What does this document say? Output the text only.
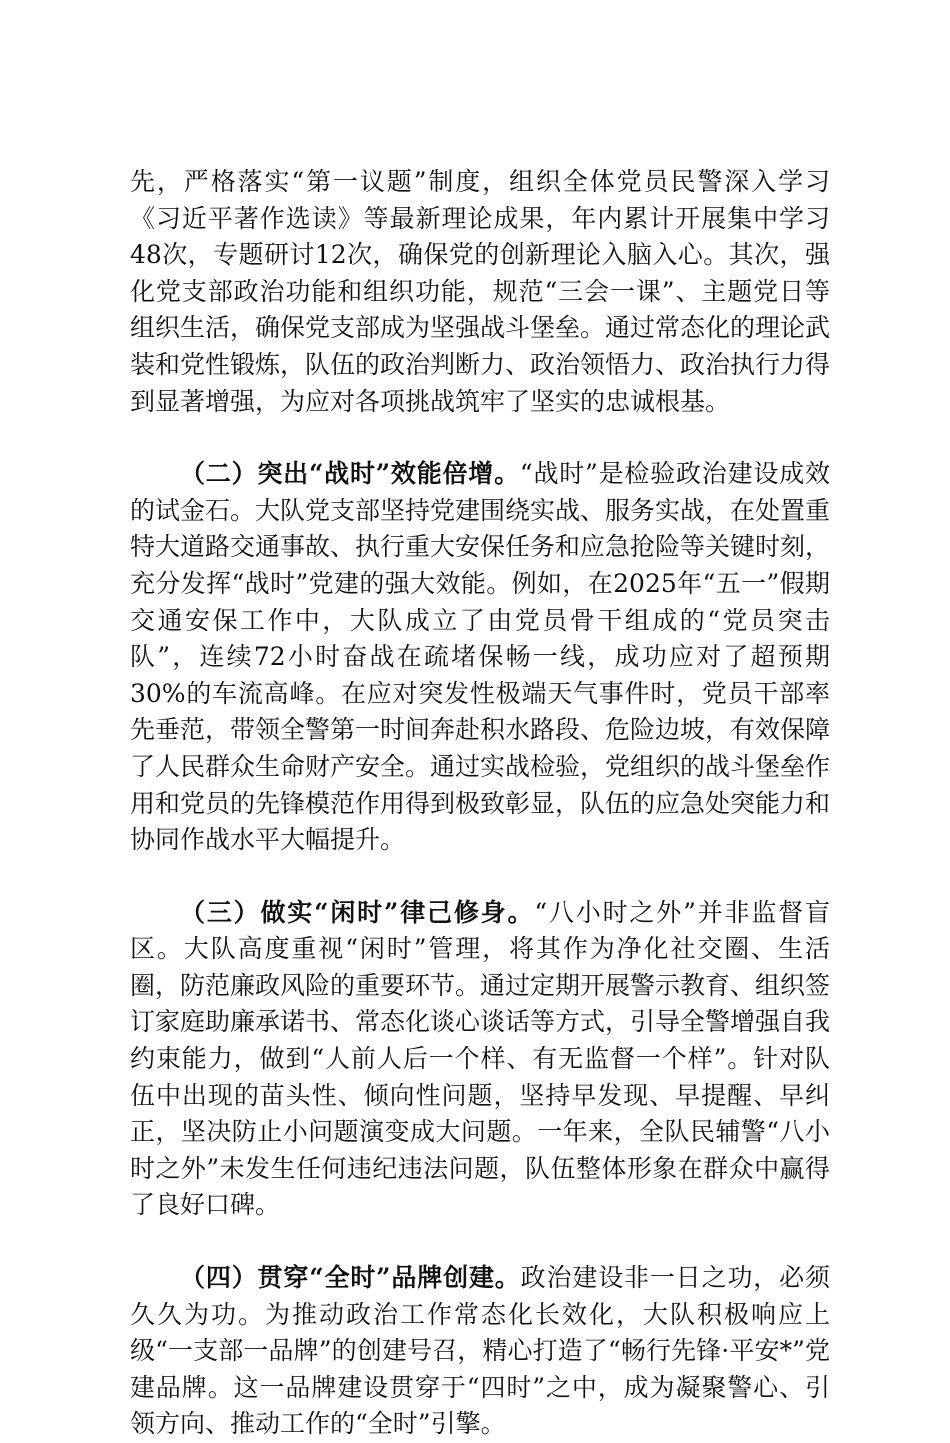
先，严格落实“第一议题”制度，组织全体党员民警深入学习《习近平著作选读》等最新理论成果，年内累计开展集中学习48次，专题研讨12次，确保党的创新理论入脑入心。其次，强化党支部政治功能和组织功能，规范“三会一课”、主题党日等组织生活，确保党支部成为坚强战斗堡垒。通过常态化的理论武装和党性锻炼，队伍的政治判断力、政治领悟力、政治执行力得到显著增强，为应对各项挑战筑牢了坚实的忠诚根基。

（二）突出“战时”效能倍增。“战时”是检验政治建设成效的试金石。大队党支部坚持党建围绕实战、服务实战，在处置重特大道路交通事故、执行重大安保任务和应急抢险等关键时刻，充分发挥“战时”党建的强大效能。例如，在2025年“五一”假期交通安保工作中，大队成立了由党员骨干组成的“党员突击队”，连续72小时奋战在疏堵保畅一线，成功应对了超预期30%的车流高峰。在应对突发性极端天气事件时，党员干部率先垂范，带领全警第一时间奔赴积水路段、危险边坡，有效保障了人民群众生命财产安全。通过实战检验，党组织的战斗堡垒作用和党员的先锋模范作用得到极致彰显，队伍的应急处突能力和协同作战水平大幅提升。

（三）做实“闲时”律己修身。“八小时之外”并非监督盲区。大队高度重视“闲时”管理，将其作为净化社交圈、生活圈，防范廉政风险的重要环节。通过定期开展警示教育、组织签订家庭助廉承诺书、常态化谈心谈话等方式，引导全警增强自我约束能力，做到“人前人后一个样、有无监督一个样”。针对队伍中出现的苗头性、倾向性问题，坚持早发现、早提醒、早纠正，坚决防止小问题演变成大问题。一年来，全队民辅警“八小时之外”未发生任何违纪违法问题，队伍整体形象在群众中赢得了良好口碑。

（四）贯穿“全时”品牌创建。政治建设非一日之功，必须久久为功。为推动政治工作常态化长效化，大队积极响应上级“一支部一品牌”的创建号召，精心打造了“畅行先锋·平安*”党建品牌。这一品牌建设贯穿于“四时”之中，成为凝聚警心、引领方向、推动工作的“全时”引擎。
